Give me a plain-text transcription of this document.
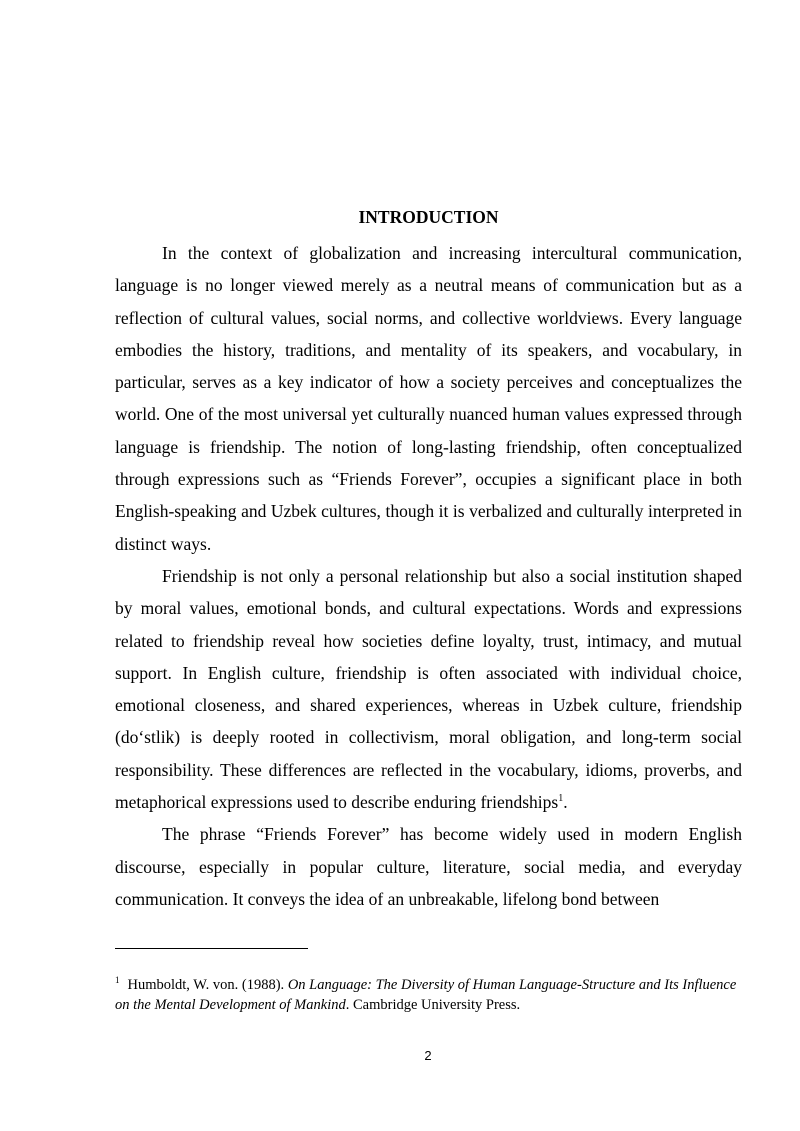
INTRODUCTION

In the context of globalization and increasing intercultural communication, language is no longer viewed merely as a neutral means of communication but as a reflection of cultural values, social norms, and collective worldviews. Every language embodies the history, traditions, and mentality of its speakers, and vocabulary, in particular, serves as a key indicator of how a society perceives and conceptualizes the world. One of the most universal yet culturally nuanced human values expressed through language is friendship. The notion of long-lasting friendship, often conceptualized through expressions such as “Friends Forever”, occupies a significant place in both English-speaking and Uzbek cultures, though it is verbalized and culturally interpreted in distinct ways.

Friendship is not only a personal relationship but also a social institution shaped by moral values, emotional bonds, and cultural expectations. Words and expressions related to friendship reveal how societies define loyalty, trust, intimacy, and mutual support. In English culture, friendship is often associated with individual choice, emotional closeness, and shared experiences, whereas in Uzbek culture, friendship (do‘stlik) is deeply rooted in collectivism, moral obligation, and long-term social responsibility. These differences are reflected in the vocabulary, idioms, proverbs, and metaphorical expressions used to describe enduring friendships$^1$.

The phrase “Friends Forever” has become widely used in modern English discourse, especially in popular culture, literature, social media, and everyday communication. It conveys the idea of an unbreakable, lifelong bond between

$^1$ Humboldt, W. von. (1988). On Language: The Diversity of Human Language-Structure and Its Influence on the Mental Development of Mankind. Cambridge University Press.

2
